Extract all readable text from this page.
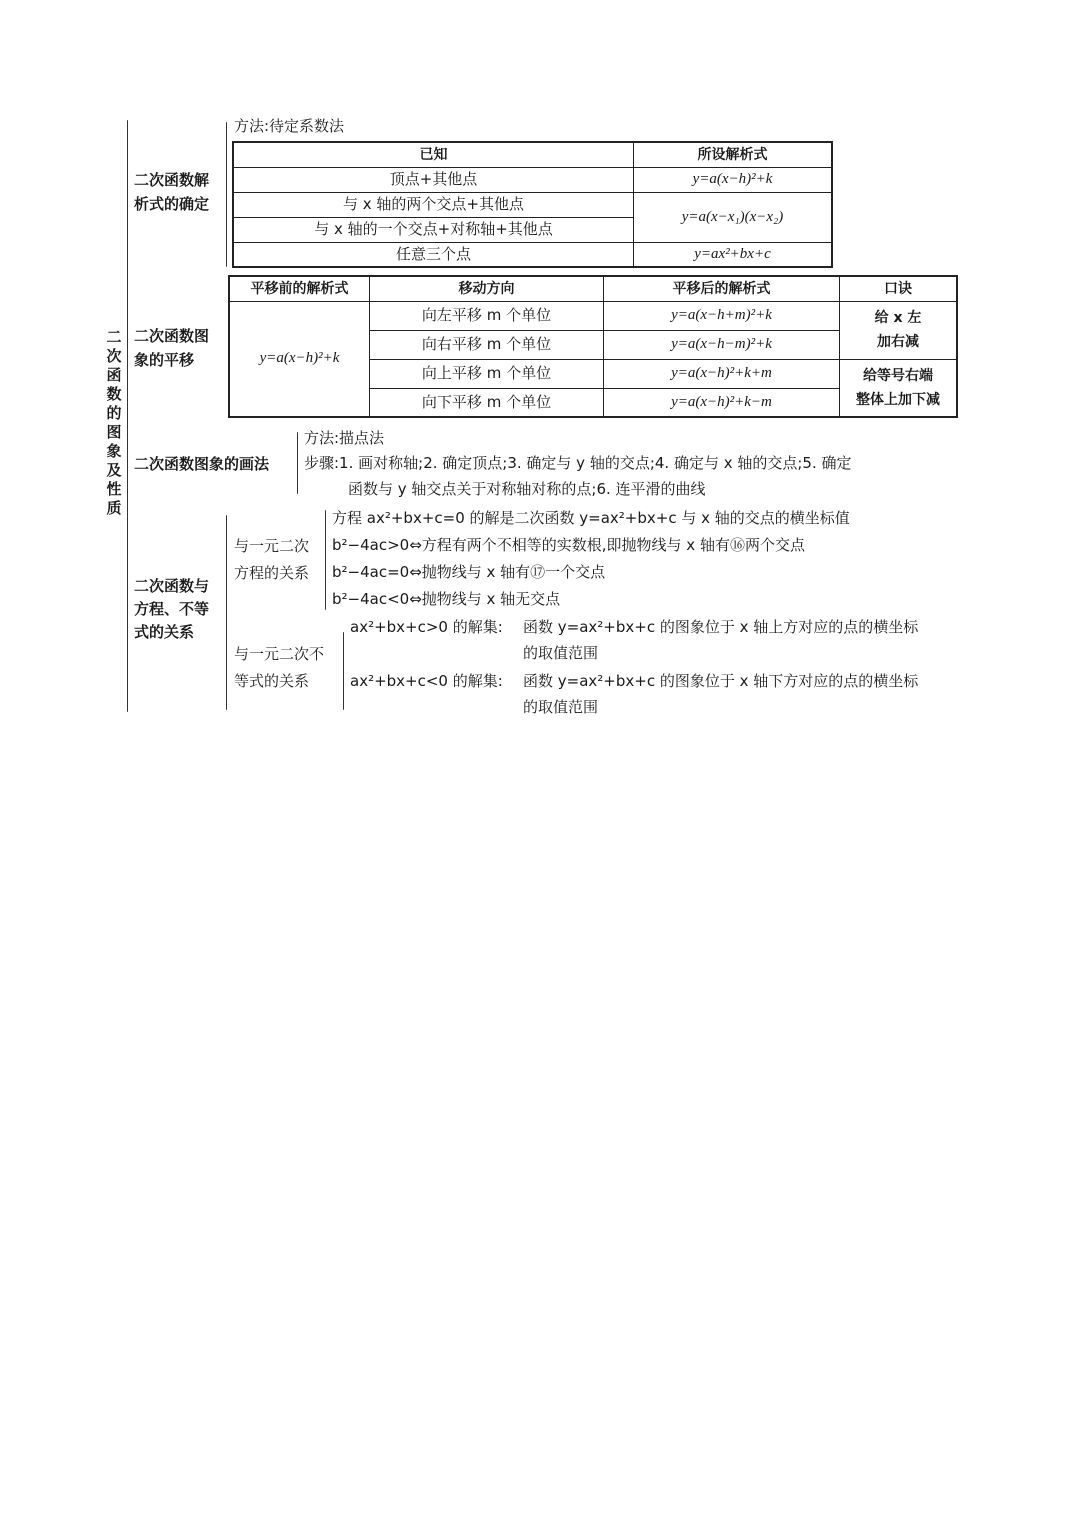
二次函数的图象及性质
二次函数解
析式的确定
方法:待定系数法
已知	所设解析式
顶点+其他点	y=a(x−h)²+k
与 x 轴的两个交点+其他点	y=a(x−x₁)(x−x₂)
与 x 轴的一个交点+对称轴+其他点	
任意三个点	y=ax²+bx+c
二次函数图
象的平移
平移前的解析式	移动方向	平移后的解析式	口诀
y=a(x−h)²+k	向左平移 m 个单位	y=a(x−h+m)²+k	给 x 左
加右减

	向右平移 m 个单位	y=a(x−h−m)²+k	
	向上平移 m 个单位	y=a(x−h)²+k+m	给等号右端
整体上加下减

	向下平移 m 个单位	y=a(x−h)²+k−m	
二次函数图象的画法
方法:描点法
步骤:1. 画对称轴;2. 确定顶点;3. 确定与 y 轴的交点;4. 确定与 x 轴的交点;5. 确定
函数与 y 轴交点关于对称轴对称的点;6. 连平滑的曲线
二次函数与
方程、不等
式的关系
与一元二次
方程的关系
方程 ax²+bx+c=0 的解是二次函数 y=ax²+bx+c 与 x 轴的交点的横坐标值
b²−4ac>0⇔方程有两个不相等的实数根,即抛物线与 x 轴有⑯两个交点
b²−4ac=0⇔抛物线与 x 轴有⑰一个交点
b²−4ac<0⇔抛物线与 x 轴无交点
与一元二次不
等式的关系
ax²+bx+c>0 的解集: 函数 y=ax²+bx+c 的图象位于 x 轴上方对应的点的横坐标
的取值范围
ax²+bx+c<0 的解集: 函数 y=ax²+bx+c 的图象位于 x 轴下方对应的点的横坐标
的取值范围
